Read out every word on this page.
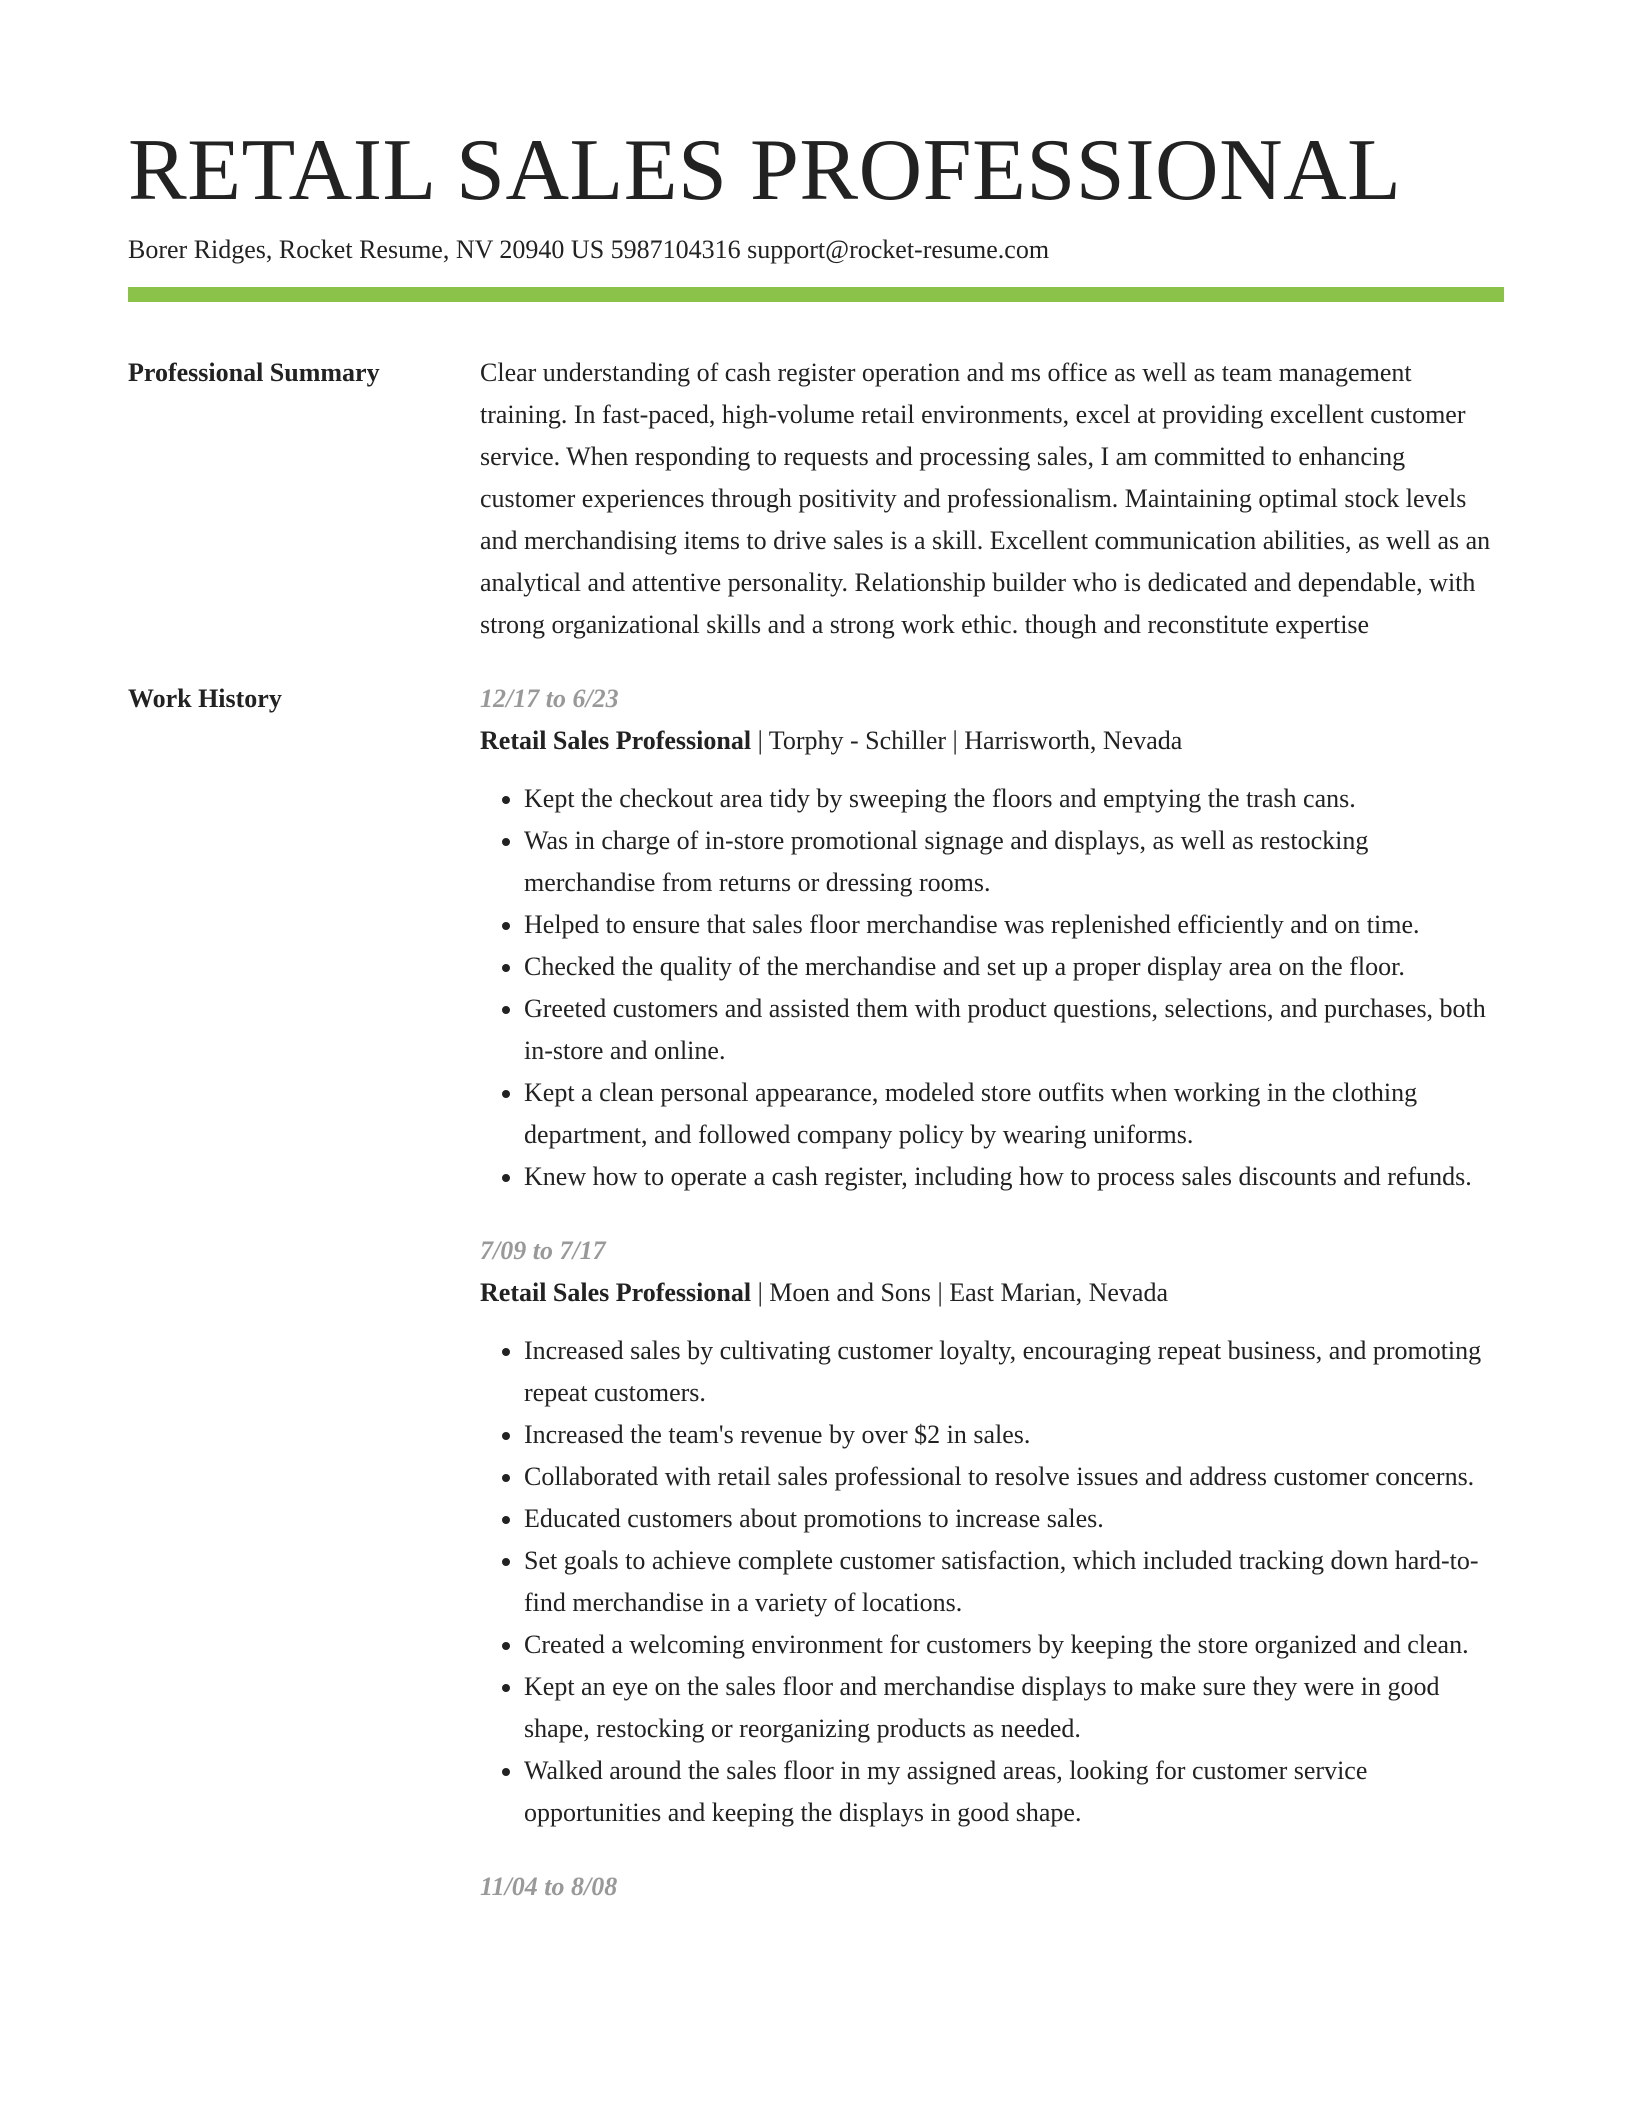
RETAIL SALES PROFESSIONAL
Borer Ridges, Rocket Resume, NV 20940 US 5987104316 support@rocket-resume.com
Professional Summary	Clear understanding of cash register operation and ms office as well as team management training. In fast-paced, high-volume retail environments, excel at providing excellent customer service. When responding to requests and processing sales, I am committed to enhancing customer experiences through positivity and professionalism. Maintaining optimal stock levels and merchandising items to drive sales is a skill. Excellent communication abilities, as well as an analytical and attentive personality. Relationship builder who is dedicated and dependable, with strong organizational skills and a strong work ethic. though and reconstitute expertise
Work History	12/17 to 6/23
Retail Sales Professional | Torphy - Schiller | Harrisworth, Nevada
• Kept the checkout area tidy by sweeping the floors and emptying the trash cans.
• Was in charge of in-store promotional signage and displays, as well as restocking merchandise from returns or dressing rooms.
• Helped to ensure that sales floor merchandise was replenished efficiently and on time.
• Checked the quality of the merchandise and set up a proper display area on the floor.
• Greeted customers and assisted them with product questions, selections, and purchases, both in-store and online.
• Kept a clean personal appearance, modeled store outfits when working in the clothing department, and followed company policy by wearing uniforms.
• Knew how to operate a cash register, including how to process sales discounts and refunds.
7/09 to 7/17
Retail Sales Professional | Moen and Sons | East Marian, Nevada
• Increased sales by cultivating customer loyalty, encouraging repeat business, and promoting repeat customers.
• Increased the team's revenue by over $2 in sales.
• Collaborated with retail sales professional to resolve issues and address customer concerns.
• Educated customers about promotions to increase sales.
• Set goals to achieve complete customer satisfaction, which included tracking down hard-to-find merchandise in a variety of locations.
• Created a welcoming environment for customers by keeping the store organized and clean.
• Kept an eye on the sales floor and merchandise displays to make sure they were in good shape, restocking or reorganizing products as needed.
• Walked around the sales floor in my assigned areas, looking for customer service opportunities and keeping the displays in good shape.
11/04 to 8/08
